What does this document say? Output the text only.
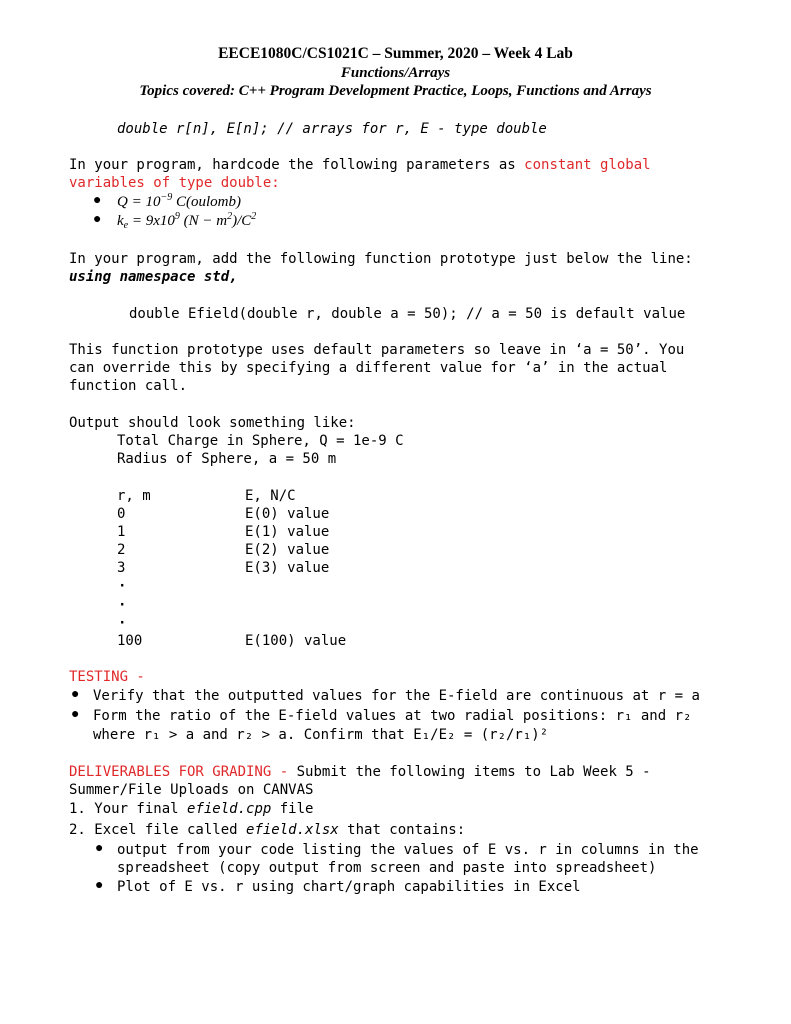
EECE1080C/CS1021C – Summer, 2020 – Week 4 Lab
Functions/Arrays
Topics covered: C++ Program Development Practice, Loops, Functions and Arrays
double r[n], E[n]; // arrays for r, E - type double
In your program, hardcode the following parameters as constant global
variables of type double:
● $Q = 10^{-9}$ C(oulomb)
● $k_e = 9x10^9$ $(N - m^2)/C^2$
In your program, add the following function prototype just below the line:
using namespace std,
double Efield(double r, double a = 50); // a = 50 is default value
This function prototype uses default parameters so leave in ‘a = 50’. You
can override this by specifying a different value for ‘a’ in the actual
function call.
Output should look something like:
Total Charge in Sphere, Q = 1e-9 C
Radius of Sphere, a = 50 m
r, m	E, N/C
0	E(0) value
1	E(1) value
2	E(2) value
3	E(3) value
·
·
·
100	E(100) value
TESTING -
● Verify that the outputted values for the E-field are continuous at r = a
● Form the ratio of the E-field values at two radial positions: r₁ and r₂
where r₁ > a and r₂ > a. Confirm that E₁/E₂ = (r₂/r₁)²
DELIVERABLES FOR GRADING - Submit the following items to Lab Week 5 -
Summer/File Uploads on CANVAS
1. Your final efield.cpp file
2. Excel file called efield.xlsx that contains:
● output from your code listing the values of E vs. r in columns in the
spreadsheet (copy output from screen and paste into spreadsheet)
● Plot of E vs. r using chart/graph capabilities in Excel
